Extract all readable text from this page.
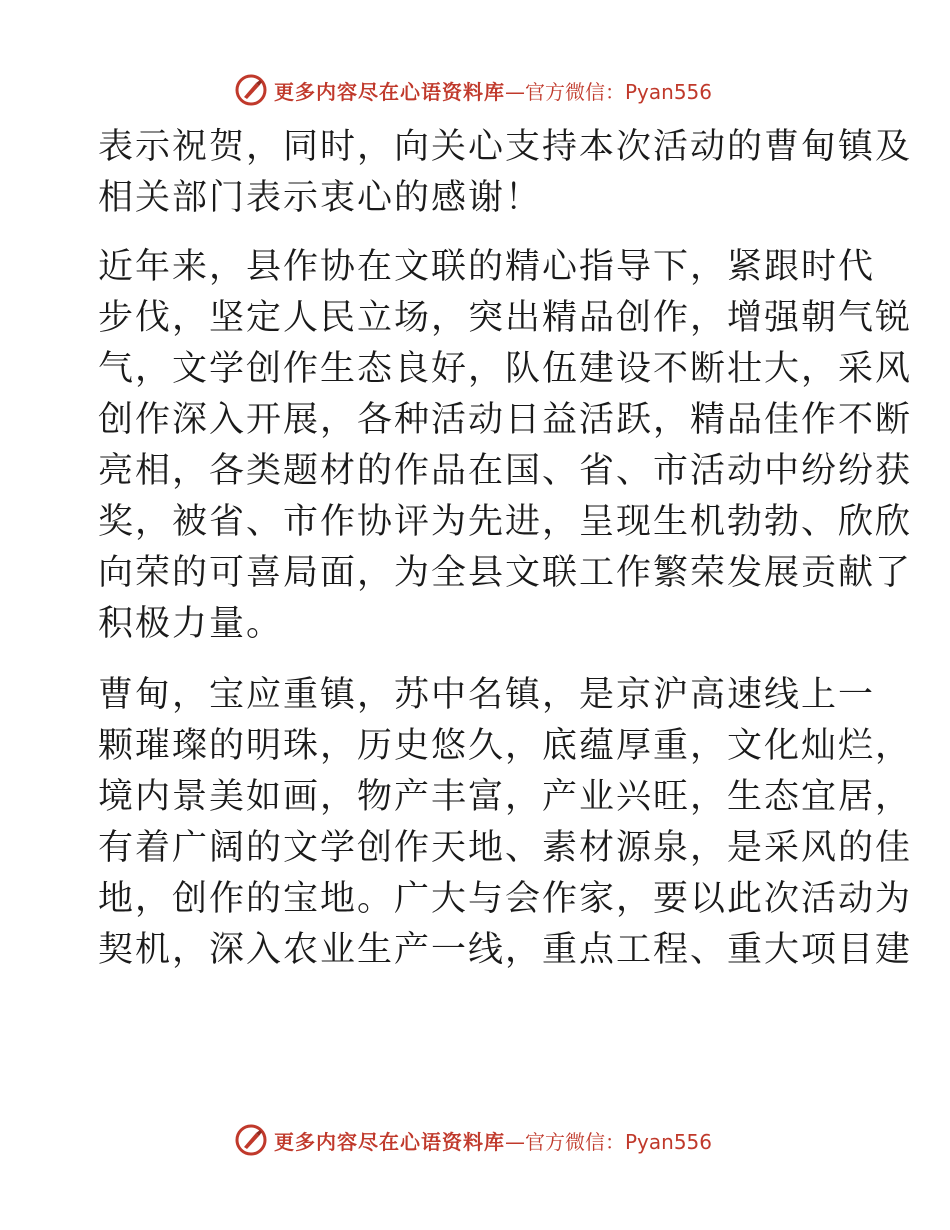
更多内容尽在心语资料库 —官方微信：Pyan556

表示祝贺，同时，向关心支持本次活动的曹甸镇及
相关部门表示衷心的感谢！

近年来，县作协在文联的精心指导下，紧跟时代
步伐，坚定人民立场，突出精品创作，增强朝气锐
气，文学创作生态良好，队伍建设不断壮大，采风
创作深入开展，各种活动日益活跃，精品佳作不断
亮相，各类题材的作品在国、省、市活动中纷纷获
奖，被省、市作协评为先进，呈现生机勃勃、欣欣
向荣的可喜局面，为全县文联工作繁荣发展贡献了
积极力量。

曹甸，宝应重镇，苏中名镇，是京沪高速线上一
颗璀璨的明珠，历史悠久，底蕴厚重，文化灿烂，
境内景美如画，物产丰富，产业兴旺，生态宜居，
有着广阔的文学创作天地、素材源泉，是采风的佳
地，创作的宝地。广大与会作家，要以此次活动为
契机，深入农业生产一线，重点工程、重大项目建

更多内容尽在心语资料库 —官方微信：Pyan556
